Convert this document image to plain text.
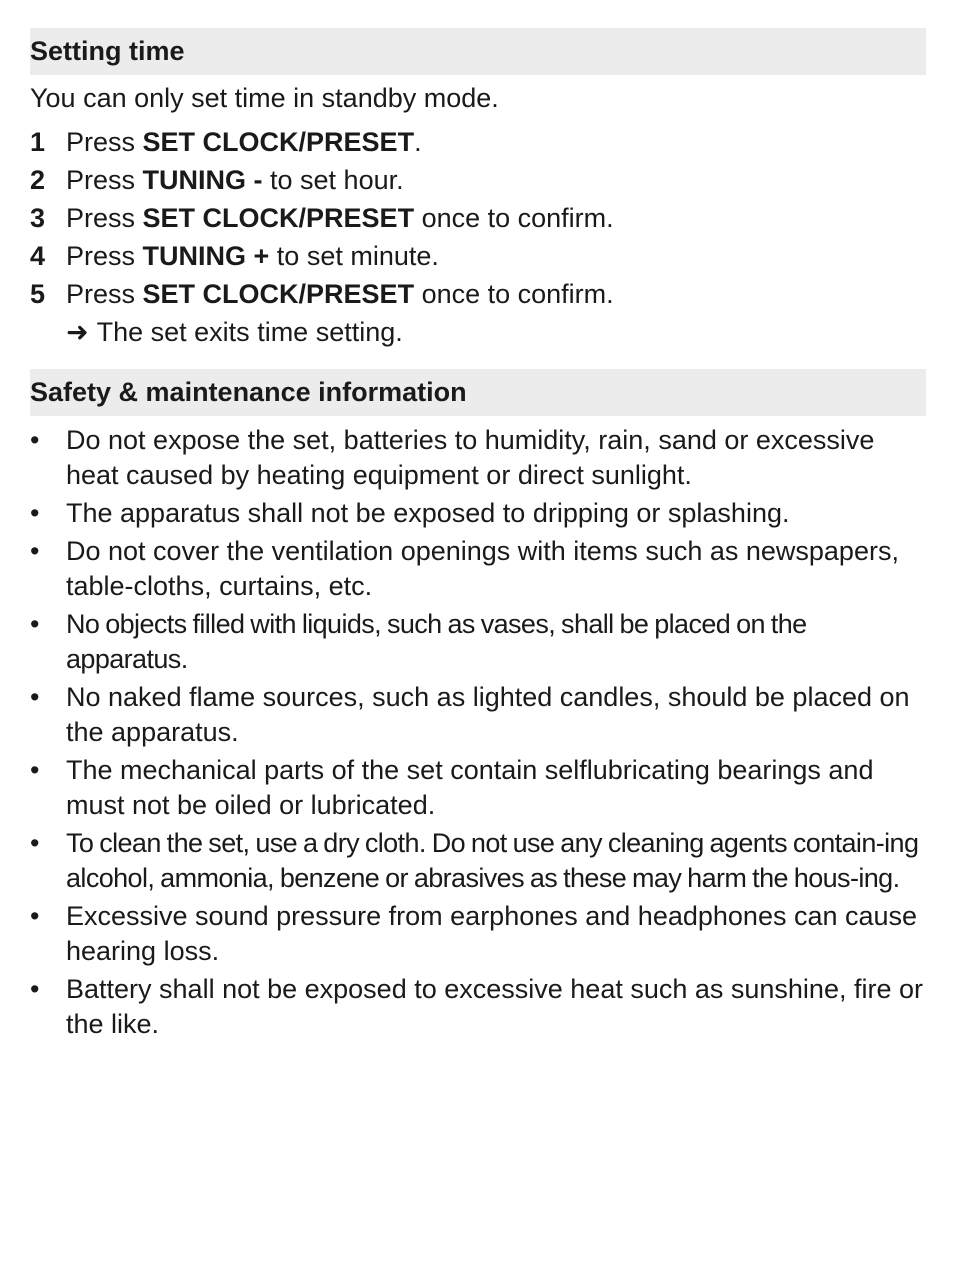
Setting time
You can only set time in standby mode.
1 Press SET CLOCK/PRESET.
2 Press TUNING - to set hour.
3 Press SET CLOCK/PRESET once to confirm.
4 Press TUNING + to set minute.
5 Press SET CLOCK/PRESET once to confirm.
➜ The set exits time setting.
Safety & maintenance information
• Do not expose the set, batteries to humidity, rain, sand or excessive heat caused by heating equipment or direct sunlight.
• The apparatus shall not be exposed to dripping or splashing.
• Do not cover the ventilation openings with items such as newspapers, table-cloths, curtains, etc.
• No objects filled with liquids, such as vases, shall be placed on the apparatus.
• No naked flame sources, such as lighted candles, should be placed on the apparatus.
• The mechanical parts of the set contain selflubricating bearings and must not be oiled or lubricated.
• To clean the set, use a dry cloth. Do not use any cleaning agents contain-ing alcohol, ammonia, benzene or abrasives as these may harm the hous-ing.
• Excessive sound pressure from earphones and headphones can cause hearing loss.
• Battery shall not be exposed to excessive heat such as sunshine, fire or the like.
